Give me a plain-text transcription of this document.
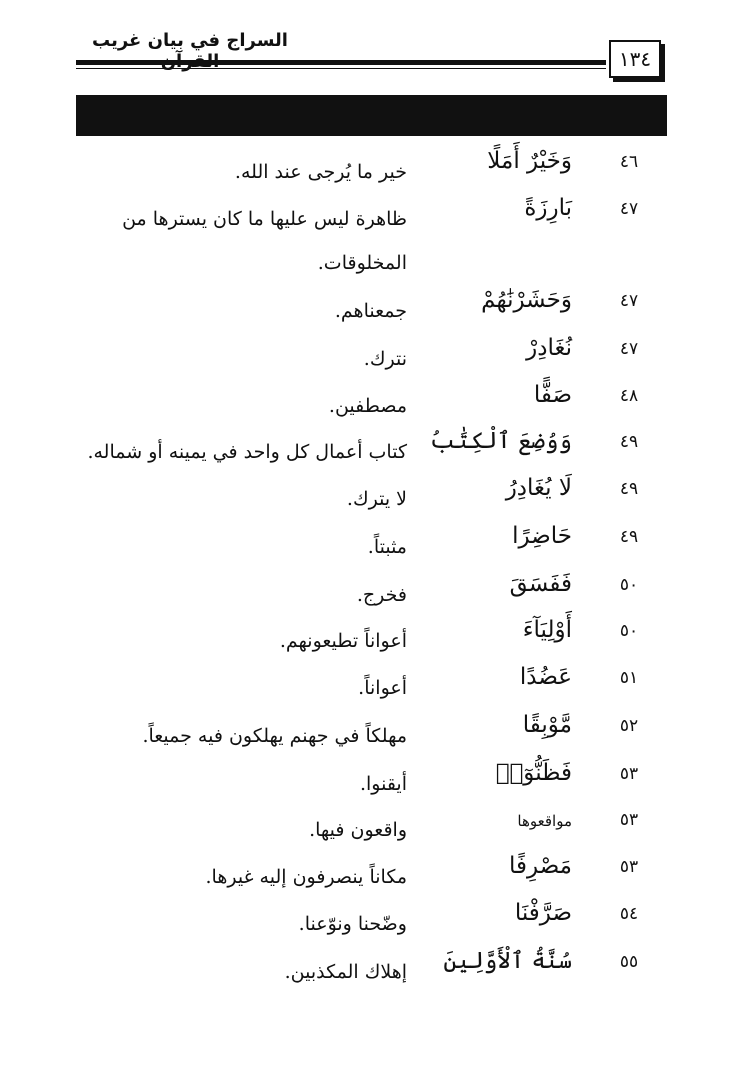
السراج في بيان غريب
١٣٤
٤٦
وَخَيْرٌ أَمَلًا
خير ما يُرجى عند الله.
٤٧
بَارِزَةً
ظاهرة ليس عليها ما كان يسترها من المخلوقات.
٤٧
وَحَشَرْنَٰهُمْ
جمعناهم.
٤٧
نُغَادِرْ
نترك.
٤٨
صَفًّا
مصطفين.
٤٩
وَوُضِعَ ٱلْكِتَٰبُ
كتاب أعمال كل واحد في يمينه أو شماله.
٤٩
لَا يُغَادِرُ
لا يترك.
٤٩
حَاضِرًا
مثبتاً.
٥٠
فَفَسَقَ
فخرج.
٥٠
أَوْلِيَآءَ
أعواناً تطيعونهم.
٥١
عَضُدًا
أعواناً.
٥٢
مَّوْبِقًا
مهلكاً في جهنم يهلكون فيه جميعاً.
٥٣
فَظَنُّوٓا۟
أيقنوا.
٥٣
مواقعوها
واقعون فيها.
٥٣
مَصْرِفًا
مكاناً ينصرفون إليه غيرها.
٥٤
صَرَّفْنَا
وضّحنا ونوّعنا.
٥٥
سُنَّةُ ٱلْأَوَّلِينَ
إهلاك المكذبين.
